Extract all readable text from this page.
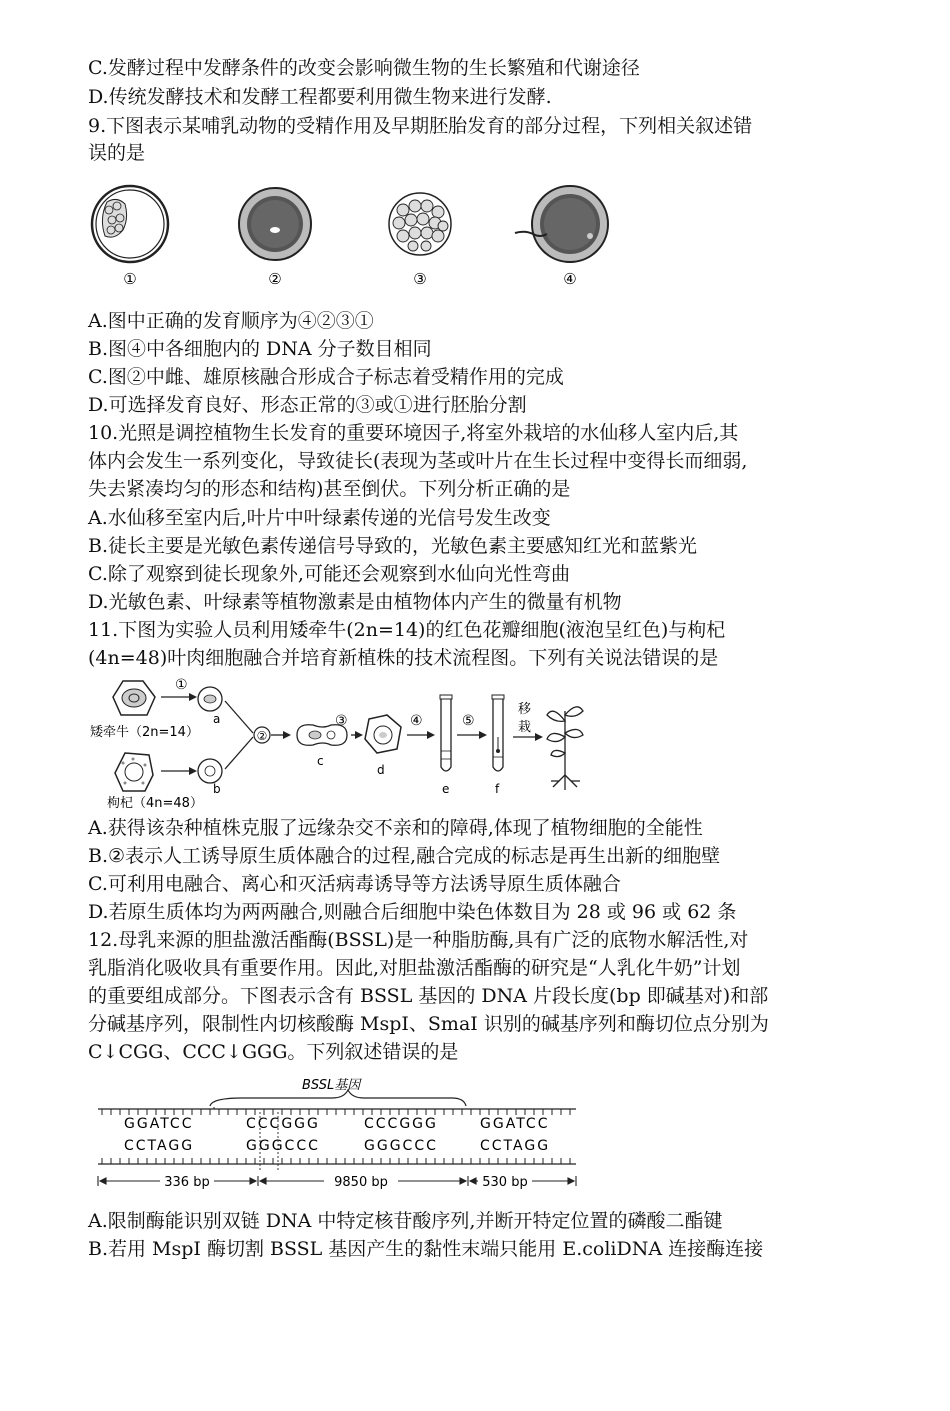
C.发酵过程中发酵条件的改变会影响微生物的生长繁殖和代谢途径
D.传统发酵技术和发酵工程都要利用微生物来进行发酵.
9.下图表示某哺乳动物的受精作用及早期胚胎发育的部分过程，下列相关叙述错
误的是
①	②	③	④
A.图中正确的发育顺序为④②③①
B.图④中各细胞内的 DNA 分子数目相同
C.图②中雌、雄原核融合形成合子标志着受精作用的完成
D.可选择发育良好、形态正常的③或①进行胚胎分割
10.光照是调控植物生长发育的重要环境因子,将室外栽培的水仙移人室内后,其
体内会发生一系列变化，导致徒长(表现为茎或叶片在生长过程中变得长而细弱,
失去紧凑均匀的形态和结构)甚至倒伏。下列分析正确的是
A.水仙移至室内后,叶片中叶绿素传递的光信号发生改变
B.徒长主要是光敏色素传递信号导致的，光敏色素主要感知红光和蓝紫光
C.除了观察到徒长现象外,可能还会观察到水仙向光性弯曲
D.光敏色素、叶绿素等植物激素是由植物体内产生的微量有机物
11.下图为实验人员利用矮牵牛(2n=14)的红色花瓣细胞(液泡呈红色)与枸杞
(4n=48)叶肉细胞融合并培育新植株的技术流程图。下列有关说法错误的是
矮牵牛（2n=14）
枸杞（4n=48）
①
a
b
②
c
③
d
④
e
⑤
f
移
栽
A.获得该杂种植株克服了远缘杂交不亲和的障碍,体现了植物细胞的全能性
B.②表示人工诱导原生质体融合的过程,融合完成的标志是再生出新的细胞壁
C.可利用电融合、离心和灭活病毒诱导等方法诱导原生质体融合
D.若原生质体均为两两融合,则融合后细胞中染色体数目为 28 或 96 或 62 条
12.母乳来源的胆盐激活酯酶(BSSL)是一种脂肪酶,具有广泛的底物水解活性,对
乳脂消化吸收具有重要作用。因此,对胆盐激活酯酶的研究是“人乳化牛奶”计划
的重要组成部分。下图表示含有 BSSL 基因的 DNA 片段长度(bp 即碱基对)和部
分碱基序列，限制性内切核酸酶 MspI、SmaI 识别的碱基序列和酶切位点分别为
C↓CGG、CCC↓GGG。下列叙述错误的是
BSSL基因
GGATCC	CCCGGG	CCCGGG	GGATCC
CCTAGG	GGGCCC	GGGCCC	CCTAGG
336 bp	9850 bp	530 bp
A.限制酶能识别双链 DNA 中特定核苷酸序列,并断开特定位置的磷酸二酯键
B.若用 MspI 酶切割 BSSL 基因产生的黏性末端只能用 E.coliDNA 连接酶连接
